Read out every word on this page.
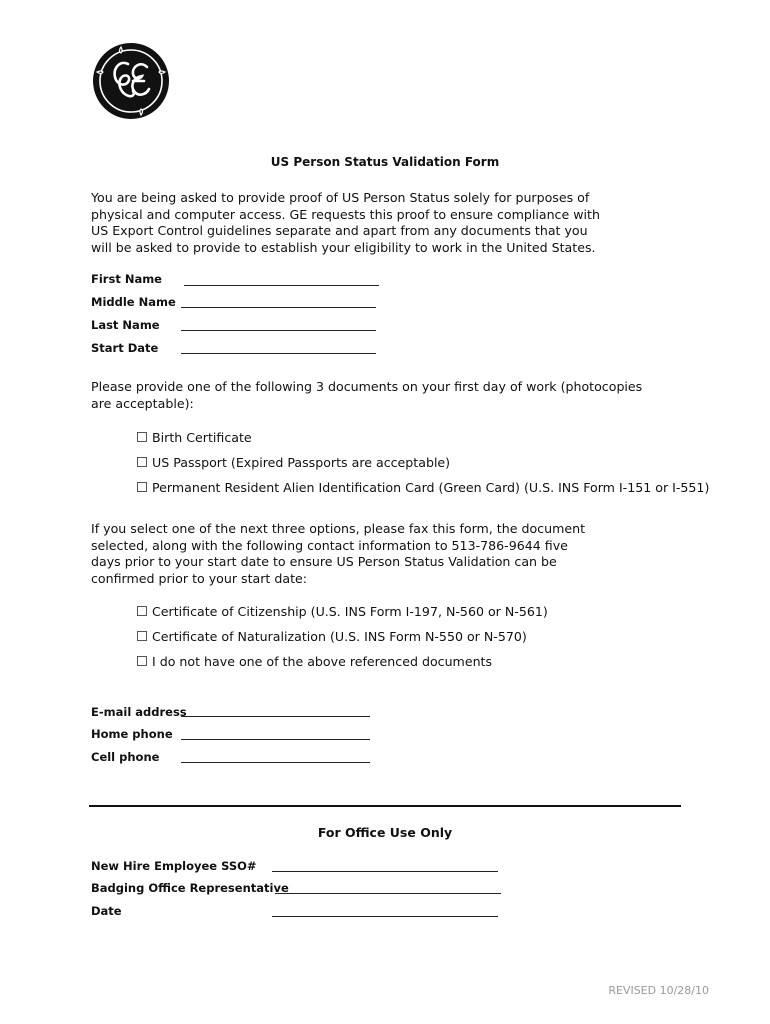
US Person Status Validation Form
You are being asked to provide proof of US Person Status solely for purposes of physical and computer access. GE requests this proof to ensure compliance with US Export Control guidelines separate and apart from any documents that you will be asked to provide to establish your eligibility to work in the United States.
First Name
Middle Name
Last Name
Start Date
Please provide one of the following 3 documents on your first day of work (photocopies are acceptable):
Birth Certificate
US Passport (Expired Passports are acceptable)
Permanent Resident Alien Identification Card (Green Card) (U.S. INS Form I-151 or I-551)
If you select one of the next three options, please fax this form, the document selected, along with the following contact information to 513-786-9644 five days prior to your start date to ensure US Person Status Validation can be confirmed prior to your start date:
Certificate of Citizenship (U.S. INS Form I-197, N-560 or N-561)
Certificate of Naturalization (U.S. INS Form N-550 or N-570)
I do not have one of the above referenced documents
E-mail address
Home phone
Cell phone
For Office Use Only
New Hire Employee SSO#
Badging Office Representative
Date
REVISED 10/28/10
